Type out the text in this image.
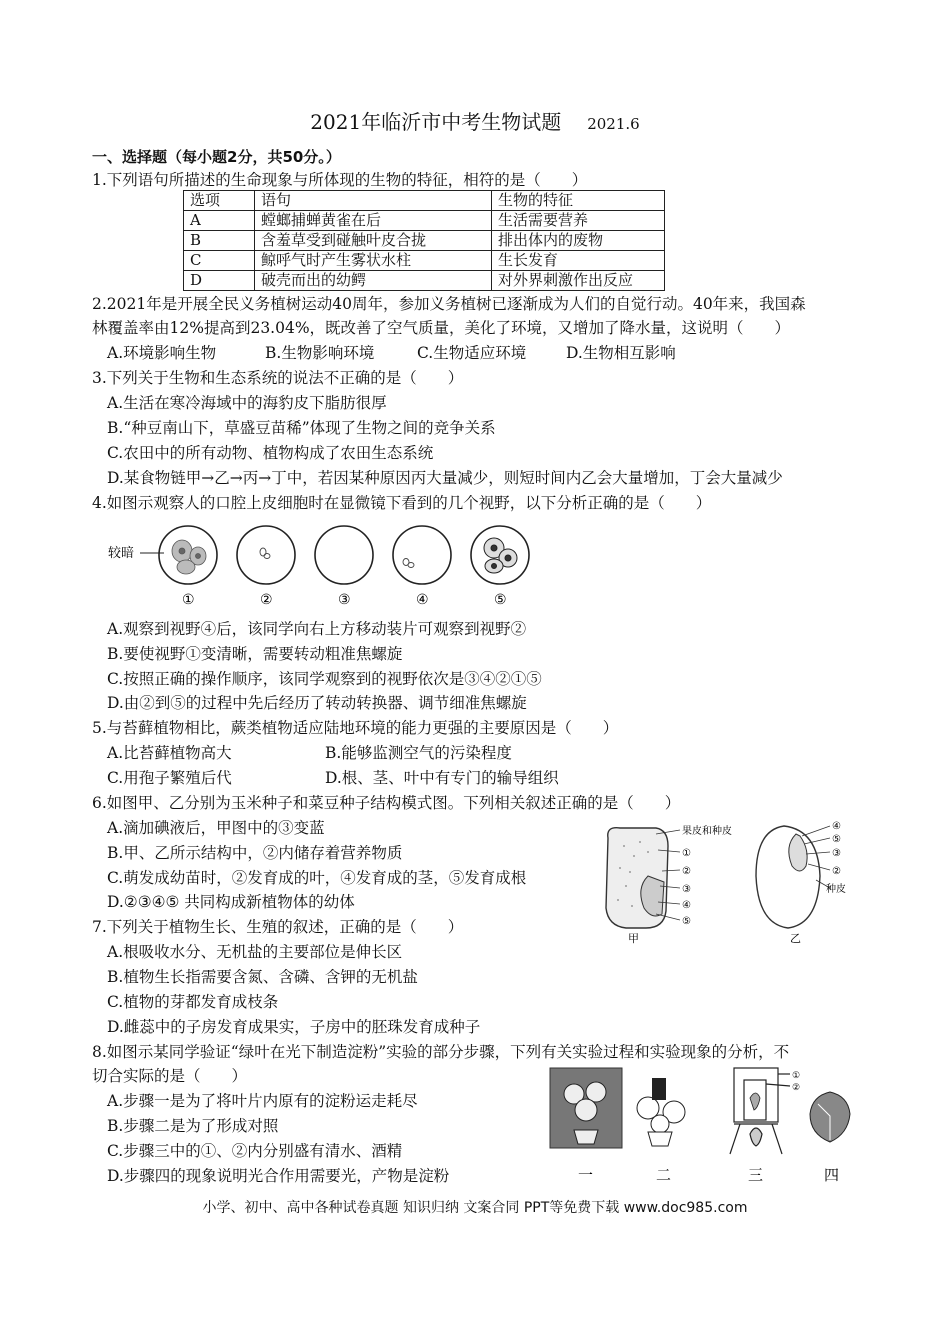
2021年临沂市中考生物试题 2021.6
一、选择题（每小题2分，共50分。）
1.下列语句所描述的生命现象与所体现的生物的特征，相符的是（　　）
选项	语句	生物的特征
A	螳螂捕蝉黄雀在后	生活需要营养
B	含羞草受到碰触叶皮合拢	排出体内的废物
C	鲸呼气时产生雾状水柱	生长发育
D	破壳而出的幼鳄	对外界刺激作出反应
2.2021年是开展全民义务植树运动40周年，参加义务植树已逐渐成为人们的自觉行动。40年来，我国森
林覆盖率由12%提高到23.04%，既改善了空气质量，美化了环境，又增加了降水量，这说明（　　）
A.环境影响生物	B.生物影响环境	C.生物适应环境	D.生物相互影响
3.下列关于生物和生态系统的说法不正确的是（　　）
A.生活在寒冷海域中的海豹皮下脂肪很厚
B.“种豆南山下，草盛豆苗稀”体现了生物之间的竞争关系
C.农田中的所有动物、植物构成了农田生态系统
D.某食物链甲→乙→丙→丁中，若因某种原因丙大量减少，则短时间内乙会大量增加，丁会大量减少
4.如图示观察人的口腔上皮细胞时在显微镜下看到的几个视野，以下分析正确的是（　　）
较暗
①	②	③	④	⑤
A.观察到视野④后，该同学向右上方移动装片可观察到视野②
B.要使视野①变清晰，需要转动粗准焦螺旋
C.按照正确的操作顺序，该同学观察到的视野依次是③④②①⑤
D.由②到⑤的过程中先后经历了转动转换器、调节细准焦螺旋
5.与苔藓植物相比，蕨类植物适应陆地环境的能力更强的主要原因是（　　）
A.比苔藓植物高大	B.能够监测空气的污染程度
C.用孢子繁殖后代	D.根、茎、叶中有专门的输导组织
6.如图甲、乙分别为玉米种子和菜豆种子结构模式图。下列相关叙述正确的是（　　）
A.滴加碘液后，甲图中的③变蓝
B.甲、乙所示结构中，②内储存着营养物质
C.萌发成幼苗时，②发育成的叶，④发育成的茎，⑤发育成根
D.②③④⑤ 共同构成新植物体的幼体
果皮和种皮
①
②
③
④
⑤
甲
④
⑤
③
②
种皮
乙
7.下列关于植物生长、生殖的叙述，正确的是（　　）
A.根吸收水分、无机盐的主要部位是伸长区
B.植物生长指需要含氮、含磷、含钾的无机盐
C.植物的芽都发育成枝条
D.雌蕊中的子房发育成果实，子房中的胚珠发育成种子
8.如图示某同学验证“绿叶在光下制造淀粉”实验的部分步骤，下列有关实验过程和实验现象的分析，不
切合实际的是（　　）
A.步骤一是为了将叶片内原有的淀粉运走耗尽
B.步骤二是为了形成对照
C.步骤三中的①、②内分别盛有清水、酒精
D.步骤四的现象说明光合作用需要光，产物是淀粉
①
②
一	二	三	四
小学、初中、高中各种试卷真题 知识归纳 文案合同 PPT等免费下载 www.doc985.com
